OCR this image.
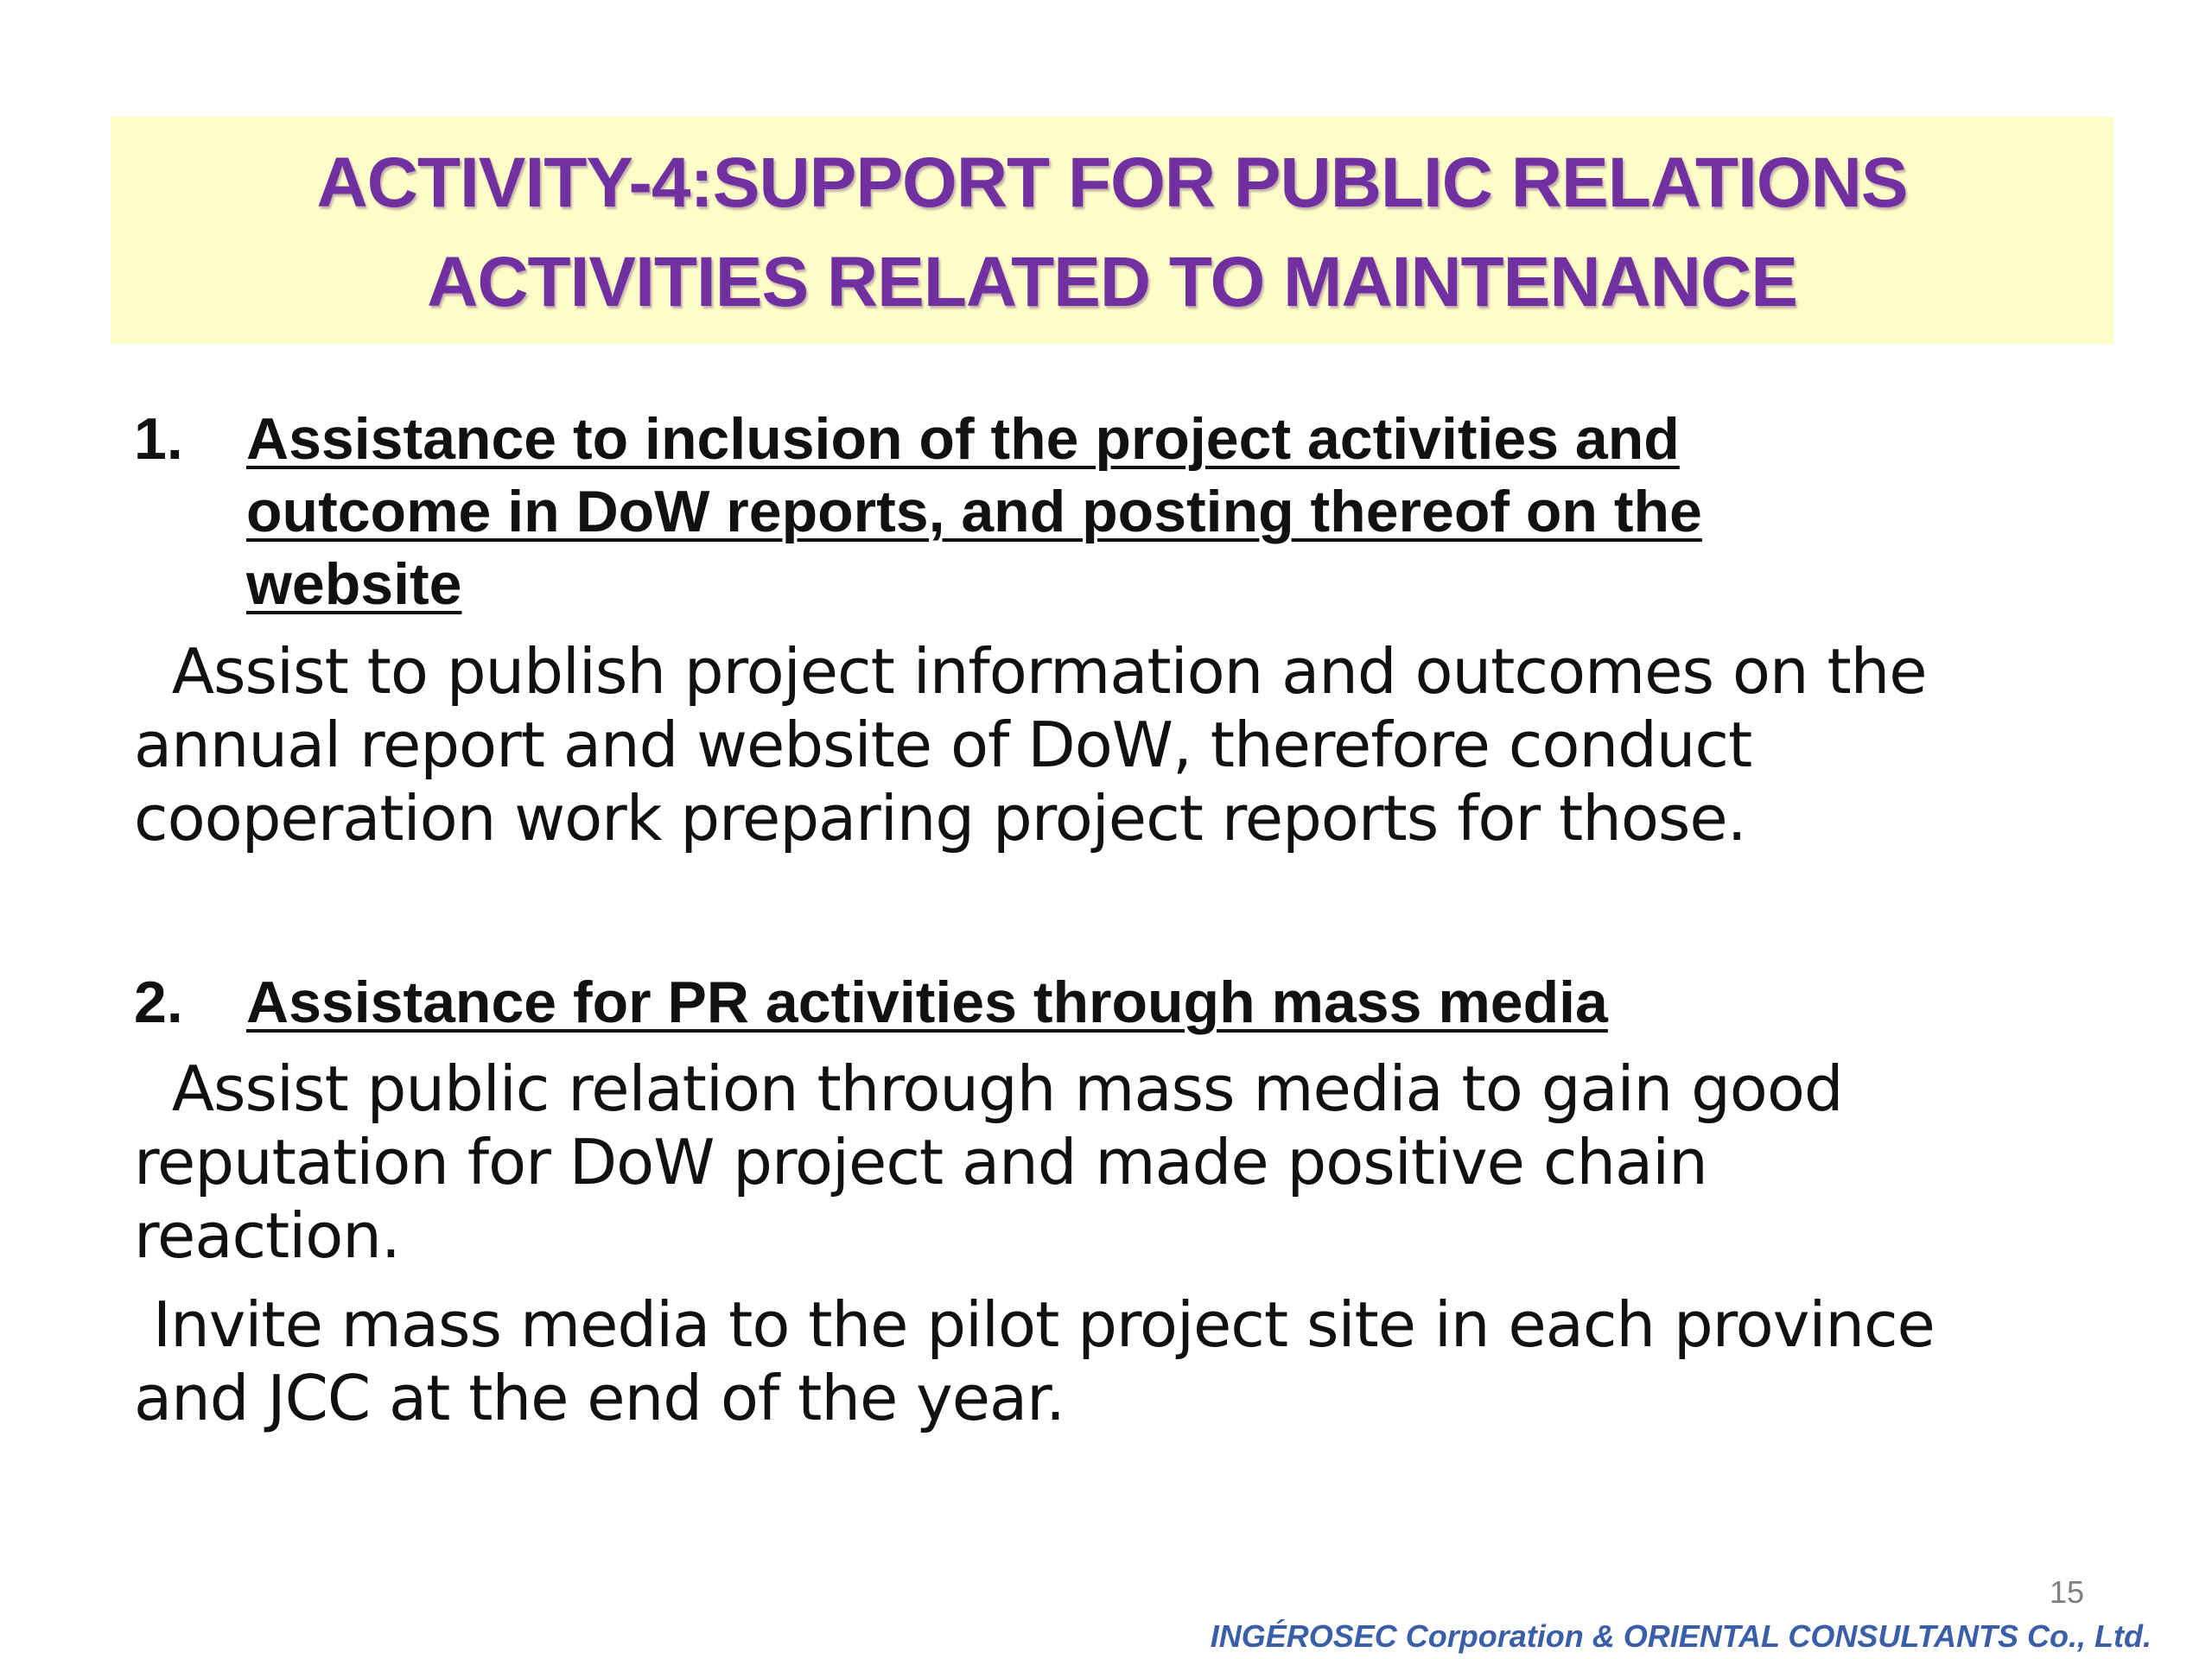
ACTIVITY-4:SUPPORT FOR PUBLIC RELATIONS
ACTIVITIES RELATED TO MAINTENANCE
1. Assistance to inclusion of the project activities and
outcome in DoW reports, and posting thereof on the
website
Assist to publish project information and outcomes on the
annual report and website of DoW, therefore conduct
cooperation work preparing project reports for those.
2. Assistance for PR activities through mass media
Assist public relation through mass media to gain good
reputation for DoW project and made positive chain
reaction.
Invite mass media to the pilot project site in each province
and JCC at the end of the year.
15
INGÉROSEC Corporation & ORIENTAL CONSULTANTS Co., Ltd.
